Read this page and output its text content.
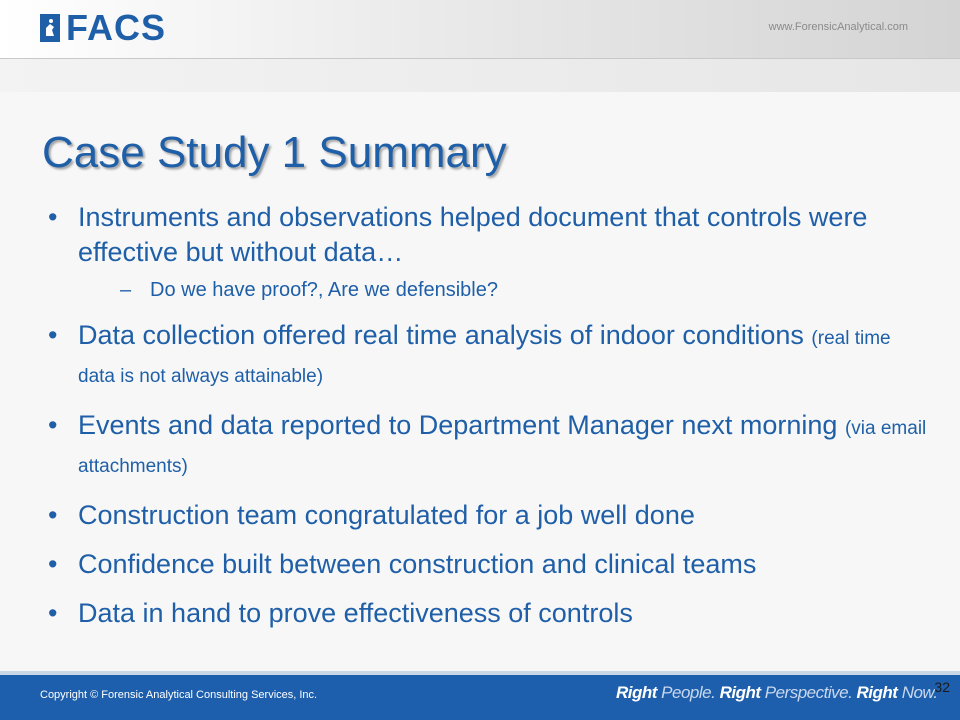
FACS	www.ForensicAnalytical.com
Case Study 1 Summary
• Instruments and observations helped document that controls were effective but without data…
– Do we have proof?, Are we defensible?
• Data collection offered real time analysis of indoor conditions (real time data is not always attainable)
• Events and data reported to Department Manager next morning (via email attachments)
• Construction team congratulated for a job well done
• Confidence built between construction and clinical teams
• Data in hand to prove effectiveness of controls
Copyright © Forensic Analytical Consulting Services, Inc.	Right People. Right Perspective. Right Now.
32
